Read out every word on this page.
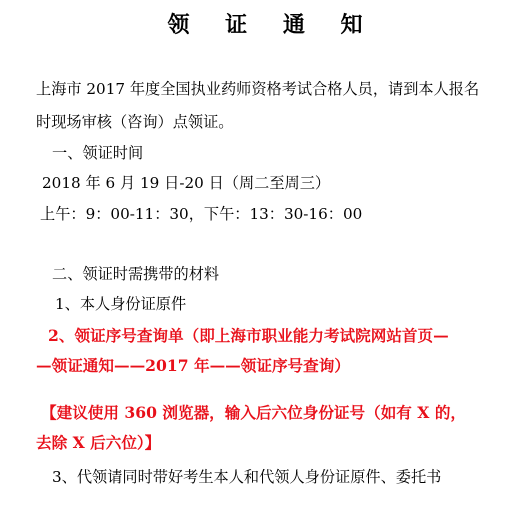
领 证 通 知
上海市 2017 年度全国执业药师资格考试合格人员，请到本人报名
时现场审核（咨询）点领证。
一、领证时间
2018 年 6 月 19 日-20 日（周二至周三）
上午：9：00-11：30，下午：13：30-16：00
二、领证时需携带的材料
1、本人身份证原件
2、领证序号查询单（即上海市职业能力考试院网站首页—
—领证通知——2017 年——领证序号查询）
【建议使用 360 浏览器，输入后六位身份证号（如有 X 的，
去除 X 后六位）】
3、代领请同时带好考生本人和代领人身份证原件、委托书
